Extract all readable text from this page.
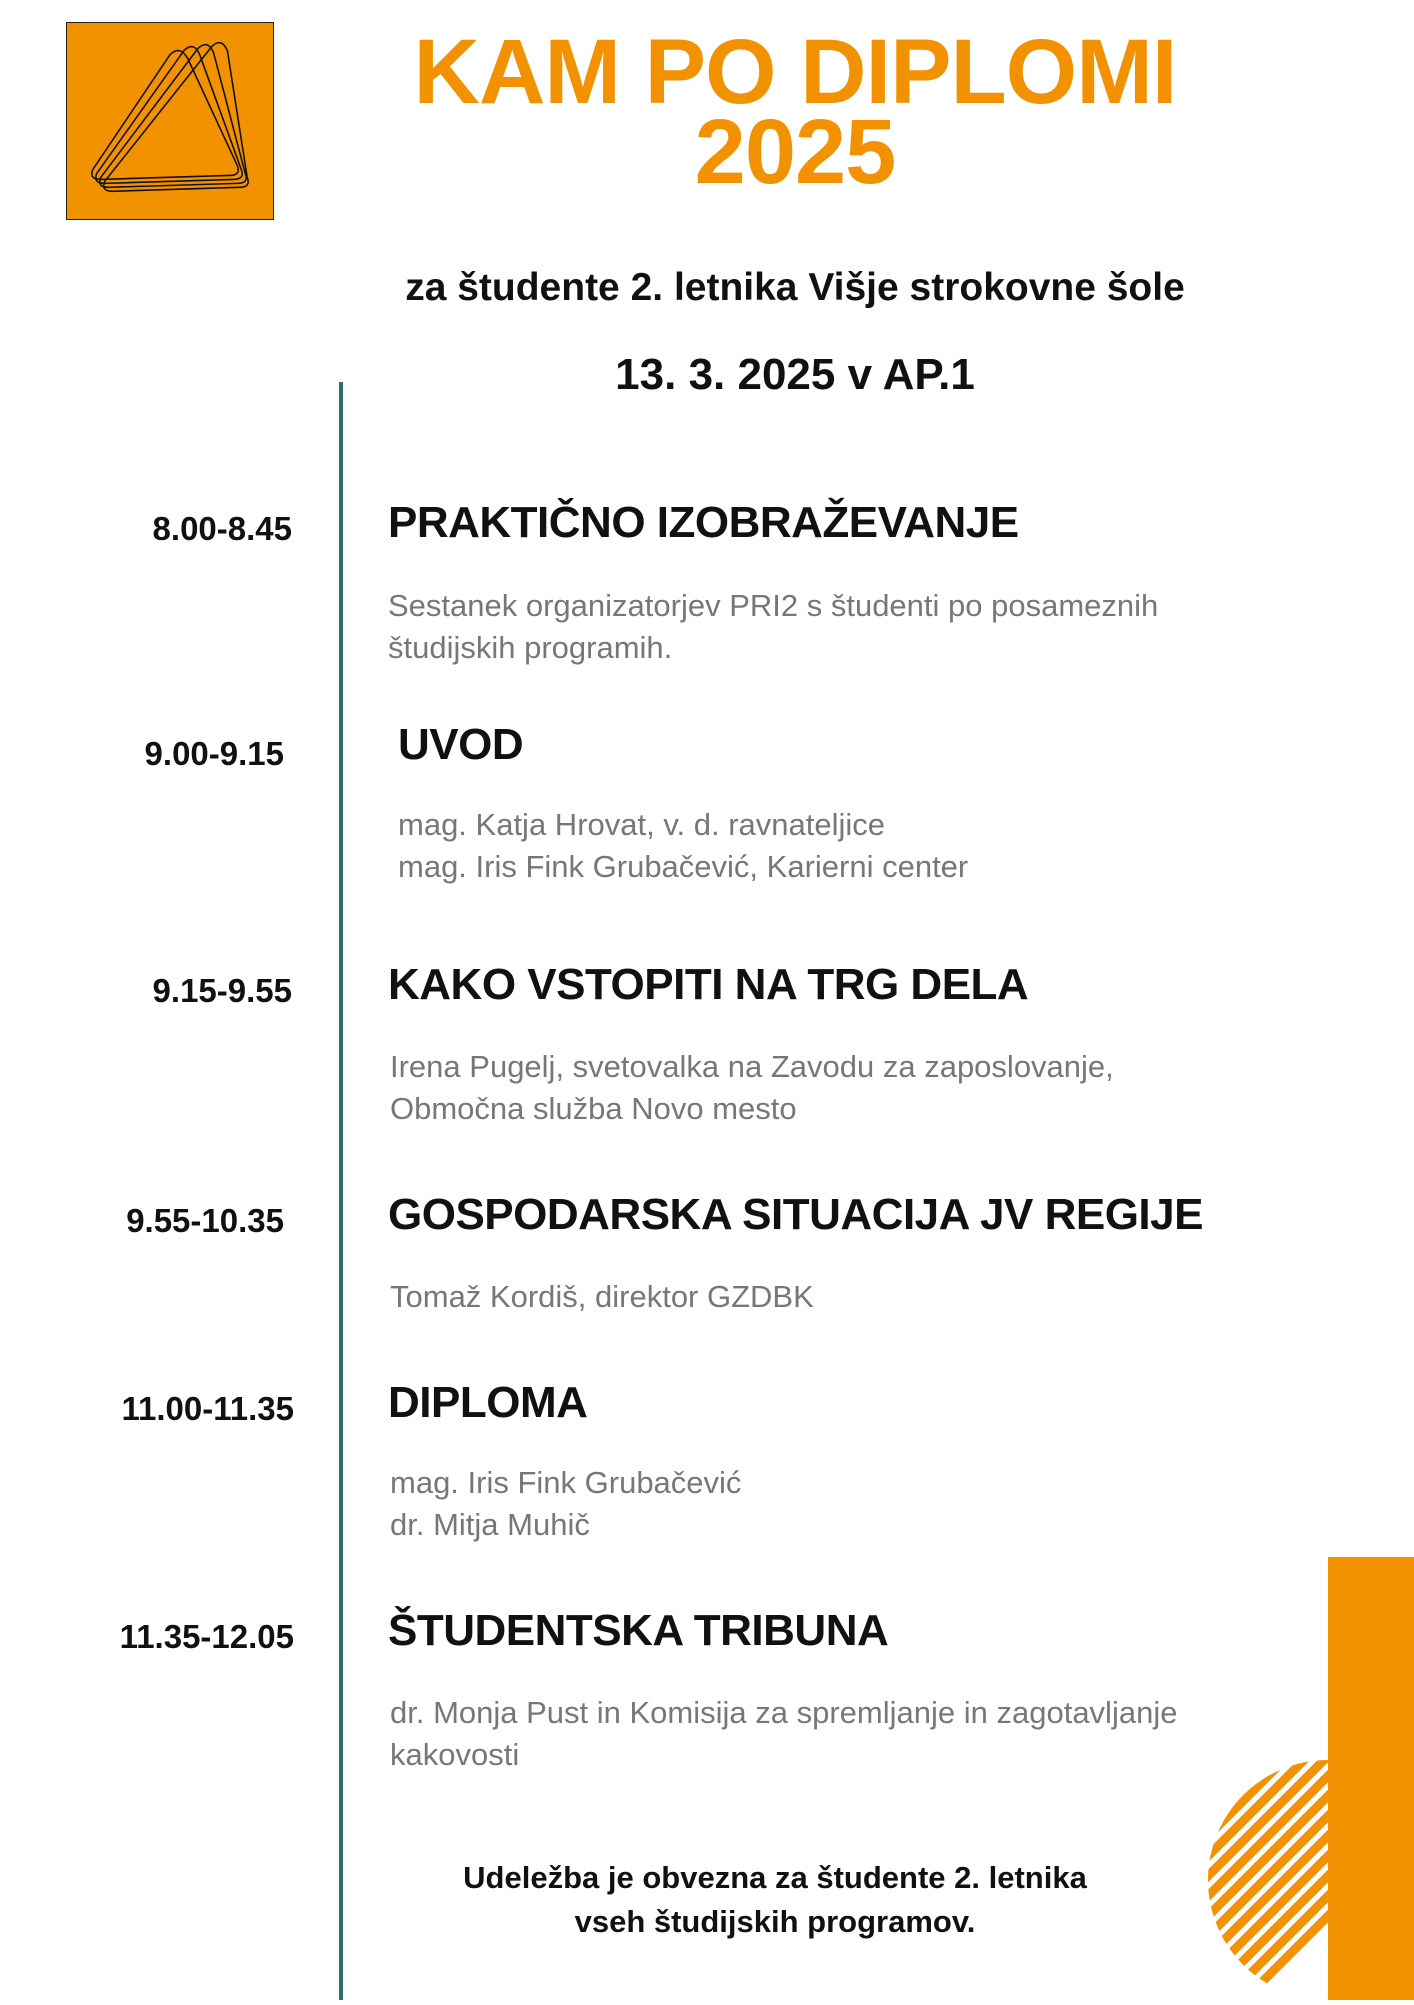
KAM PO DIPLOMI
2025

za študente 2. letnika Višje strokovne šole

13. 3. 2025 v AP.1

8.00-8.45 PRAKTIČNO IZOBRAŽEVANJE
Sestanek organizatorjev PRI2 s študenti po posameznih
študijskih programih.
9.00-9.15	UVOD
mag. Katja Hrovat, v. d. ravnateljice
mag. Iris Fink Grubačević, Karierni center
9.15-9.55 KAKO VSTOPITI NA TRG DELA
Irena Pugelj, svetovalka na Zavodu za zaposlovanje,
Območna služba Novo mesto
9.55-10.35 GOSPODARSKA SITUACIJA JV REGIJE
Tomaž Kordiš, direktor GZDBK
11.00-11.35 DIPLOMA
mag. Iris Fink Grubačević
dr. Mitja Muhič
11.35-12.05 ŠTUDENTSKA TRIBUNA
dr. Monja Pust in Komisija za spremljanje in zagotavljanje
kakovosti
Udeležba je obvezna za študente 2. letnika
vseh študijskih programov.
